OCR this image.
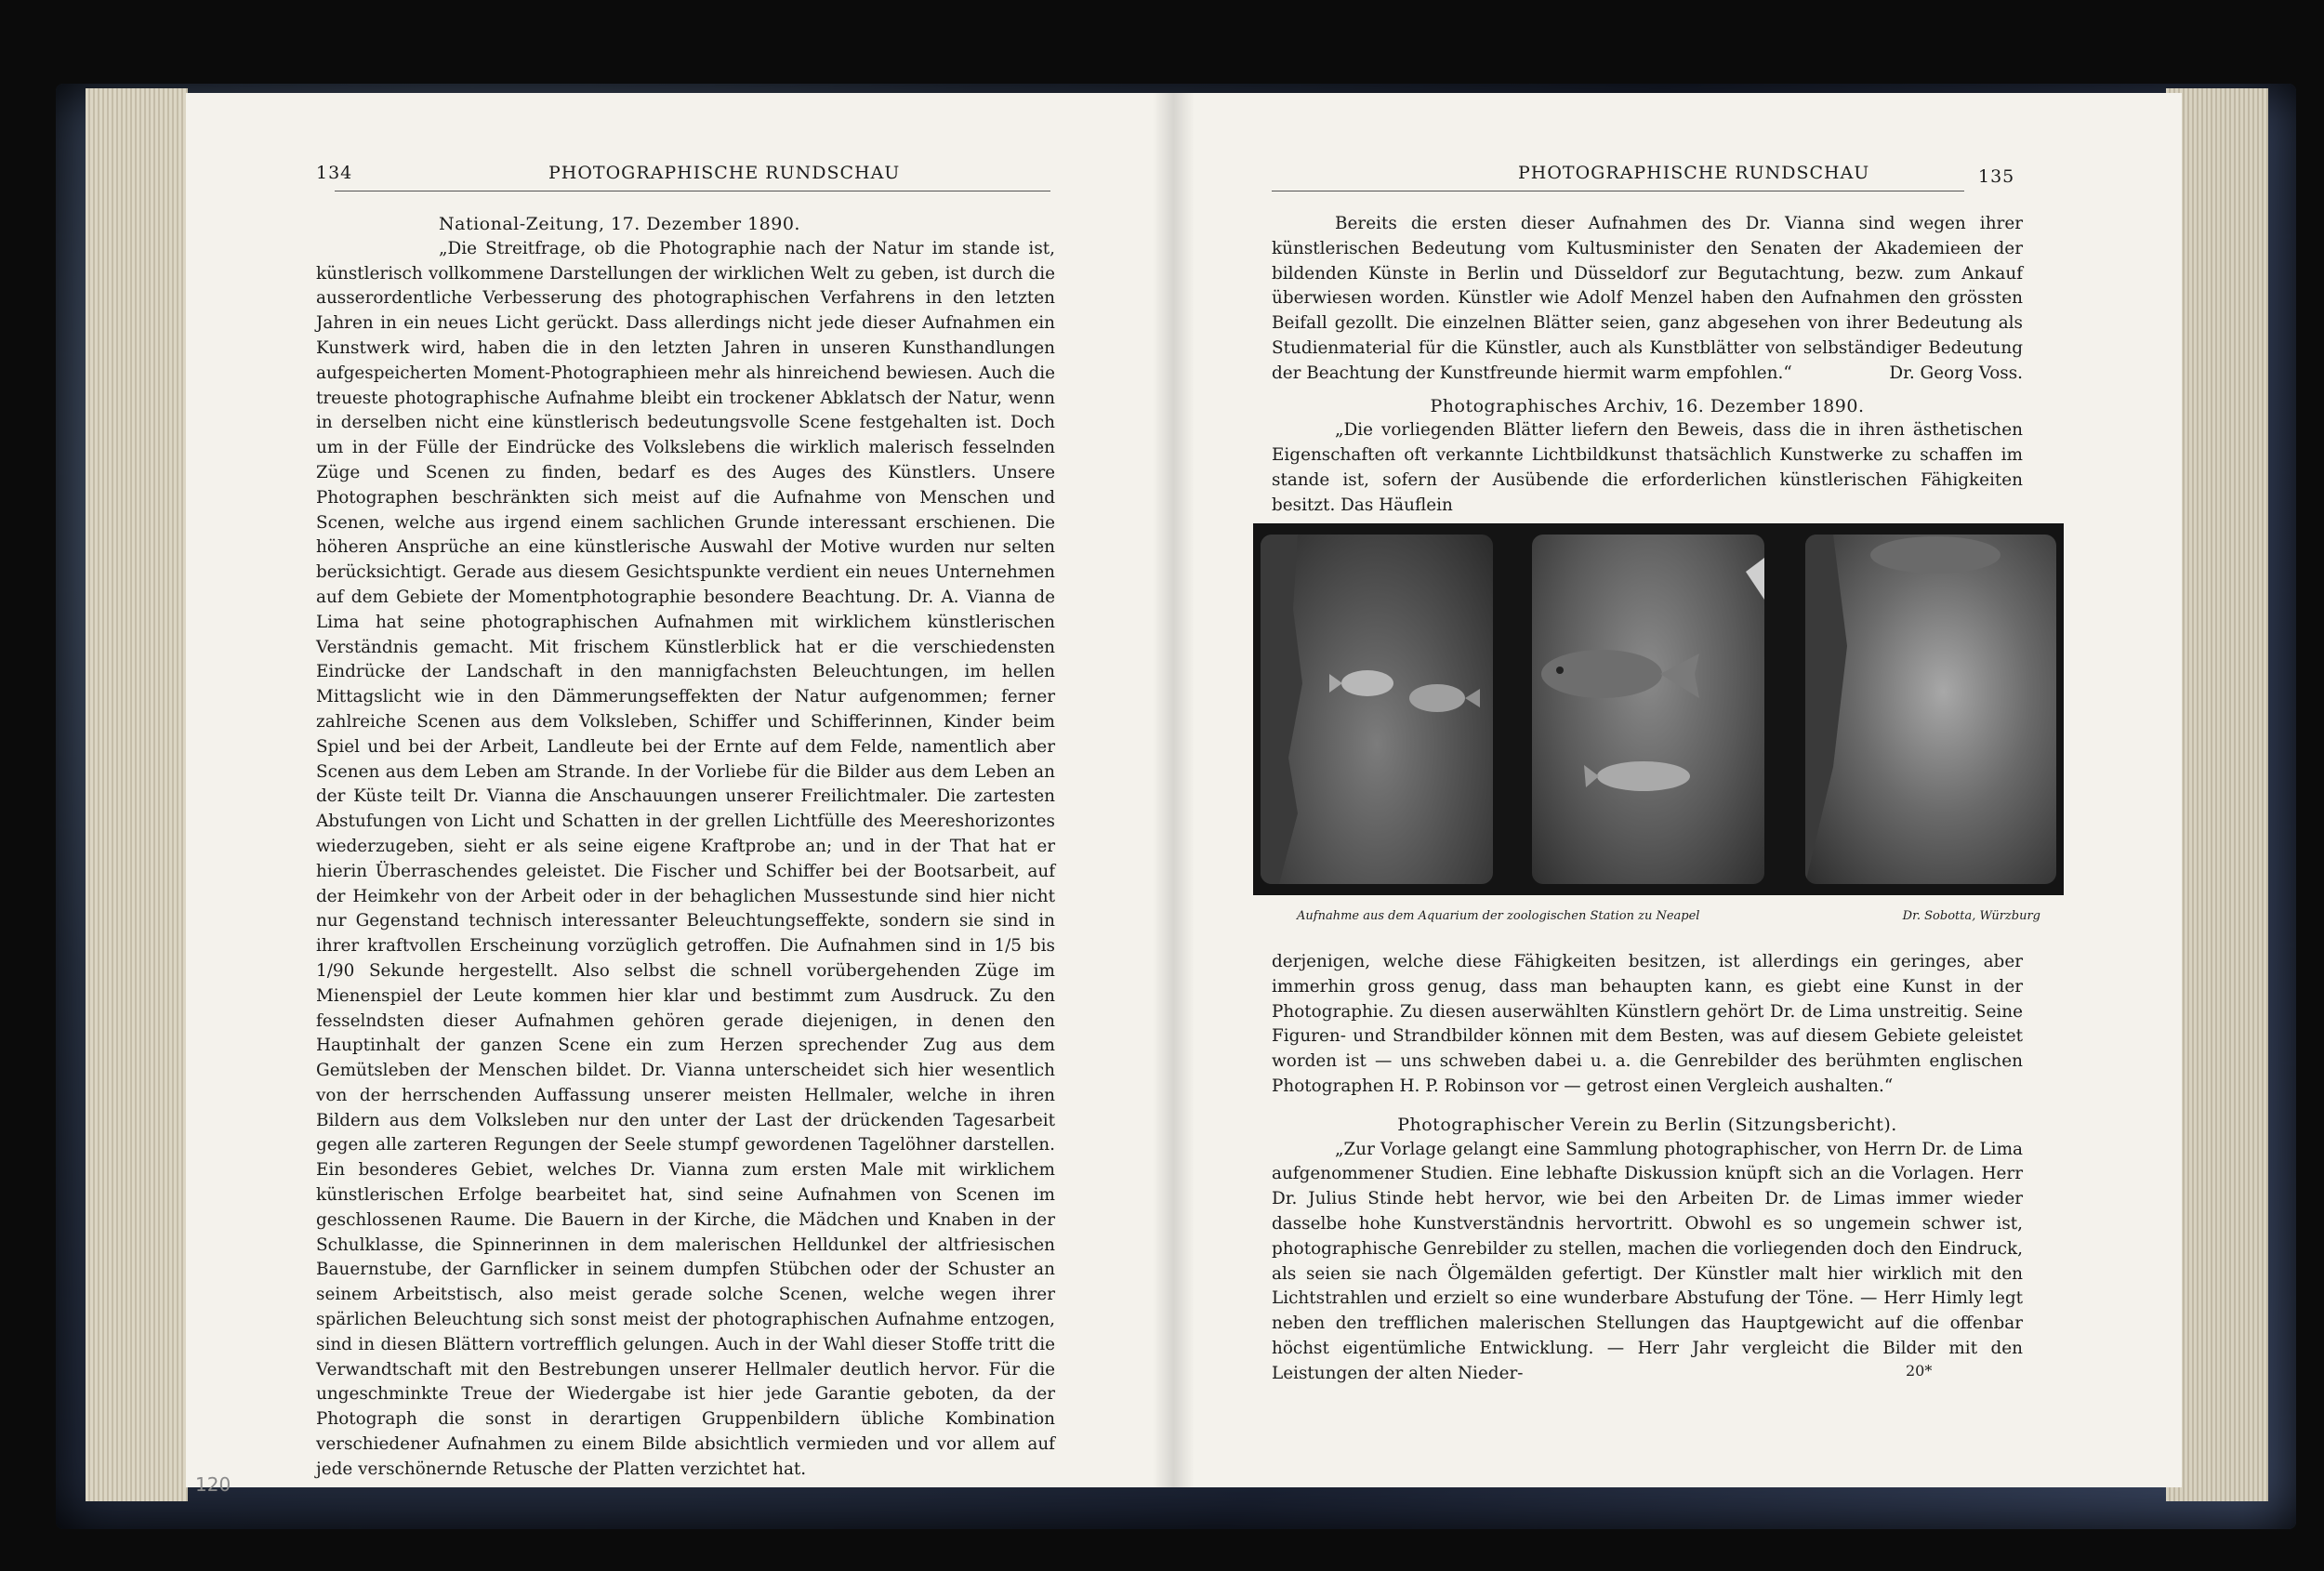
134	PHOTOGRAPHISCHE RUNDSCHAU

National-Zeitung, 17. Dezember 1890.

„Die Streitfrage, ob die Photographie nach der Natur im stande ist, künstlerisch vollkommene Darstellungen der wirklichen Welt zu geben, ist durch die ausserordentliche Verbesserung des photographischen Verfahrens in den letzten Jahren in ein neues Licht gerückt. Dass allerdings nicht jede dieser Aufnahmen ein Kunstwerk wird, haben die in den letzten Jahren in unseren Kunsthandlungen aufgespeicherten Moment-Photographieen mehr als hinreichend bewiesen. Auch die treueste photographische Aufnahme bleibt ein trockener Abklatsch der Natur, wenn in derselben nicht eine künstlerisch bedeutungsvolle Scene festgehalten ist. Doch um in der Fülle der Eindrücke des Volkslebens die wirklich malerisch fesselnden Züge und Scenen zu finden, bedarf es des Auges des Künstlers. Unsere Photographen beschränkten sich meist auf die Aufnahme von Menschen und Scenen, welche aus irgend einem sachlichen Grunde interessant erschienen. Die höheren Ansprüche an eine künstlerische Auswahl der Motive wurden nur selten berücksichtigt. Gerade aus diesem Gesichtspunkte verdient ein neues Unternehmen auf dem Gebiete der Momentphotographie besondere Beachtung. Dr. A. Vianna de Lima hat seine photographischen Aufnahmen mit wirklichem künstlerischen Verständnis gemacht. Mit frischem Künstlerblick hat er die verschiedensten Eindrücke der Landschaft in den mannigfachsten Beleuchtungen, im hellen Mittagslicht wie in den Dämmerungseffekten der Natur aufgenommen; ferner zahlreiche Scenen aus dem Volksleben, Schiffer und Schifferinnen, Kinder beim Spiel und bei der Arbeit, Landleute bei der Ernte auf dem Felde, namentlich aber Scenen aus dem Leben am Strande. In der Vorliebe für die Bilder aus dem Leben an der Küste teilt Dr. Vianna die Anschauungen unserer Freilichtmaler. Die zartesten Abstufungen von Licht und Schatten in der grellen Lichtfülle des Meereshorizontes wiederzugeben, sieht er als seine eigene Kraftprobe an; und in der That hat er hierin Überraschendes geleistet. Die Fischer und Schiffer bei der Bootsarbeit, auf der Heimkehr von der Arbeit oder in der behaglichen Mussestunde sind hier nicht nur Gegenstand technisch interessanter Beleuchtungseffekte, sondern sie sind in ihrer kraftvollen Erscheinung vorzüglich getroffen. Die Aufnahmen sind in 1/5 bis 1/90 Sekunde hergestellt. Also selbst die schnell vorübergehenden Züge im Mienenspiel der Leute kommen hier klar und bestimmt zum Ausdruck. Zu den fesselndsten dieser Aufnahmen gehören gerade diejenigen, in denen den Hauptinhalt der ganzen Scene ein zum Herzen sprechender Zug aus dem Gemütsleben der Menschen bildet. Dr. Vianna unterscheidet sich hier wesentlich von der herrschenden Auffassung unserer meisten Hellmaler, welche in ihren Bildern aus dem Volksleben nur den unter der Last der drückenden Tagesarbeit gegen alle zarteren Regungen der Seele stumpf gewordenen Tagelöhner darstellen. Ein besonderes Gebiet, welches Dr. Vianna zum ersten Male mit wirklichem künstlerischen Erfolge bearbeitet hat, sind seine Aufnahmen von Scenen im geschlossenen Raume. Die Bauern in der Kirche, die Mädchen und Knaben in der Schulklasse, die Spinnerinnen in dem malerischen Helldunkel der altfriesischen Bauernstube, der Garnflicker in seinem dumpfen Stübchen oder der Schuster an seinem Arbeitstisch, also meist gerade solche Scenen, welche wegen ihrer spärlichen Beleuchtung sich sonst meist der photographischen Aufnahme entzogen, sind in diesen Blättern vortrefflich gelungen. Auch in der Wahl dieser Stoffe tritt die Verwandtschaft mit den Bestrebungen unserer Hellmaler deutlich hervor. Für die ungeschminkte Treue der Wiedergabe ist hier jede Garantie geboten, da der Photograph die sonst in derartigen Gruppenbildern übliche Kombination verschiedener Aufnahmen zu einem Bilde absichtlich vermieden und vor allem auf jede verschönernde Retusche der Platten verzichtet hat.

120
PHOTOGRAPHISCHE RUNDSCHAU	135

Bereits die ersten dieser Aufnahmen des Dr. Vianna sind wegen ihrer künstlerischen Bedeutung vom Kultusminister den Senaten der Akademieen der bildenden Künste in Berlin und Düsseldorf zur Begutachtung, bezw. zum Ankauf überwiesen worden. Künstler wie Adolf Menzel haben den Aufnahmen den grössten Beifall gezollt. Die einzelnen Blätter seien, ganz abgesehen von ihrer Bedeutung als Studienmaterial für die Künstler, auch als Kunstblätter von selbständiger Bedeutung der Beachtung der Kunstfreunde hiermit warm empfohlen.“	Dr. Georg Voss.

Photographisches Archiv, 16. Dezember 1890.

„Die vorliegenden Blätter liefern den Beweis, dass die in ihren ästhetischen Eigenschaften oft verkannte Lichtbildkunst thatsächlich Kunstwerke zu schaffen im stande ist, sofern der Ausübende die erforderlichen künstlerischen Fähigkeiten besitzt. Das Häuflein

Aufnahme aus dem Aquarium der zoologischen Station zu Neapel	Dr. Sobotta, Würzburg

derjenigen, welche diese Fähigkeiten besitzen, ist allerdings ein geringes, aber immerhin gross genug, dass man behaupten kann, es giebt eine Kunst in der Photographie. Zu diesen auserwählten Künstlern gehört Dr. de Lima unstreitig. Seine Figuren- und Strandbilder können mit dem Besten, was auf diesem Gebiete geleistet worden ist — uns schweben dabei u. a. die Genrebilder des berühmten englischen Photographen H. P. Robinson vor — getrost einen Vergleich aushalten.“

Photographischer Verein zu Berlin (Sitzungsbericht).

„Zur Vorlage gelangt eine Sammlung photographischer, von Herrn Dr. de Lima aufgenommener Studien. Eine lebhafte Diskussion knüpft sich an die Vorlagen. Herr Dr. Julius Stinde hebt hervor, wie bei den Arbeiten Dr. de Limas immer wieder dasselbe hohe Kunstverständnis hervortritt. Obwohl es so ungemein schwer ist, photographische Genrebilder zu stellen, machen die vorliegenden doch den Eindruck, als seien sie nach Ölgemälden gefertigt. Der Künstler malt hier wirklich mit den Lichtstrahlen und erzielt so eine wunderbare Abstufung der Töne. — Herr Himly legt neben den trefflichen malerischen Stellungen das Hauptgewicht auf die offenbar höchst eigentümliche Entwicklung. — Herr Jahr vergleicht die Bilder mit den Leistungen der alten Nieder-	20*
